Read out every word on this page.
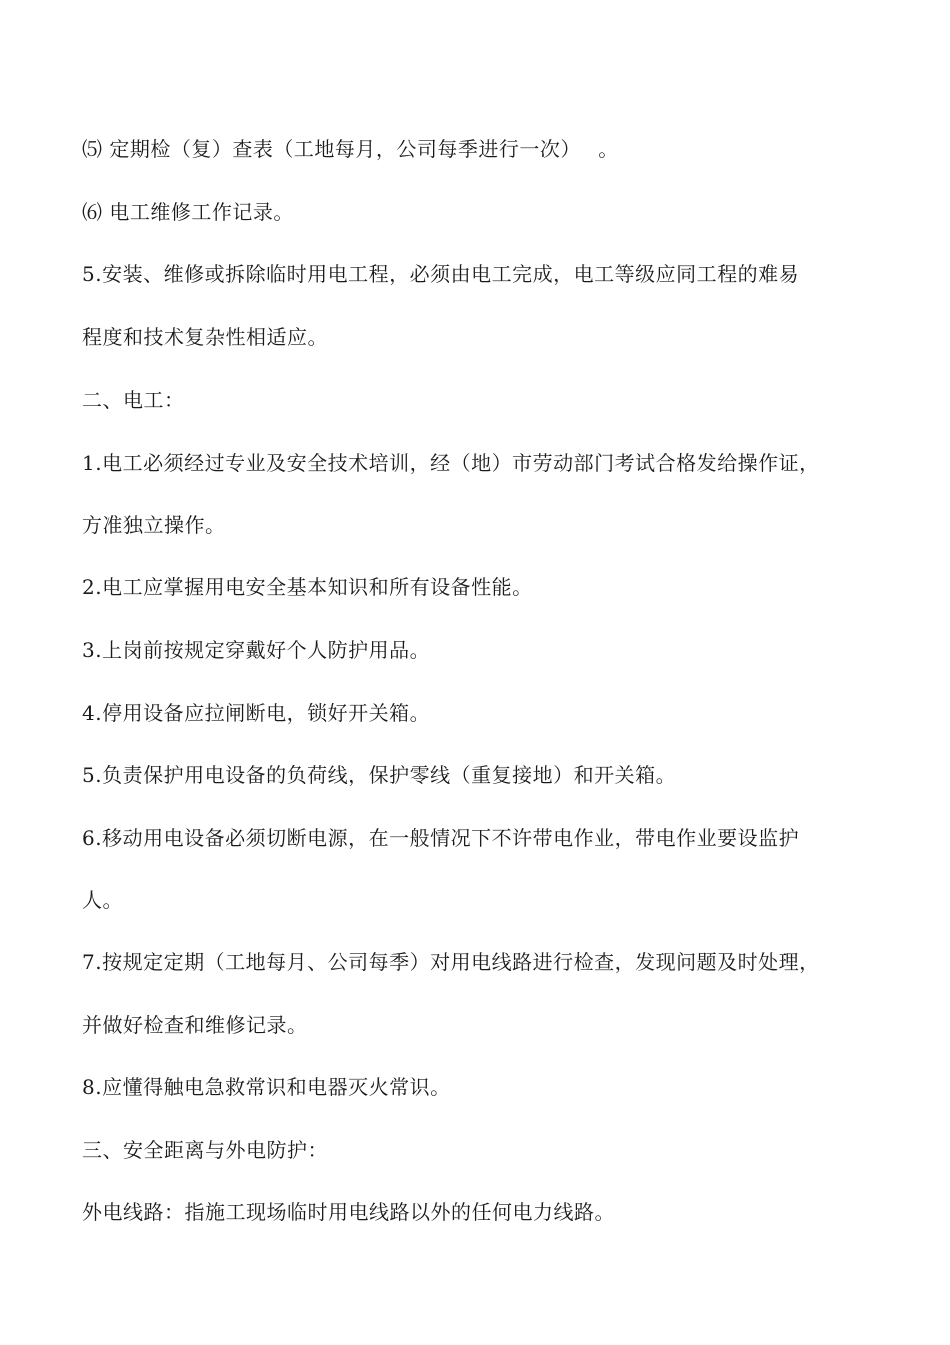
⑸ 定期检（复）查表（工地每月，公司每季进行一次）　 。
⑹ 电工维修工作记录。
5.安装、维修或拆除临时用电工程，必须由电工完成，电工等级应同工程的难易
程度和技术复杂性相适应。
二、电工：
1.电工必须经过专业及安全技术培训，经（地）市劳动部门考试合格发给操作证，
方准独立操作。
2.电工应掌握用电安全基本知识和所有设备性能。
3.上岗前按规定穿戴好个人防护用品。
4.停用设备应拉闸断电，锁好开关箱。
5.负责保护用电设备的负荷线，保护零线（重复接地）和开关箱。
6.移动用电设备必须切断电源，在一般情况下不许带电作业，带电作业要设监护
人。
7.按规定定期（工地每月、公司每季）对用电线路进行检查，发现问题及时处理，
并做好检查和维修记录。
8.应懂得触电急救常识和电器灭火常识。
三、安全距离与外电防护：
外电线路：指施工现场临时用电线路以外的任何电力线路。
